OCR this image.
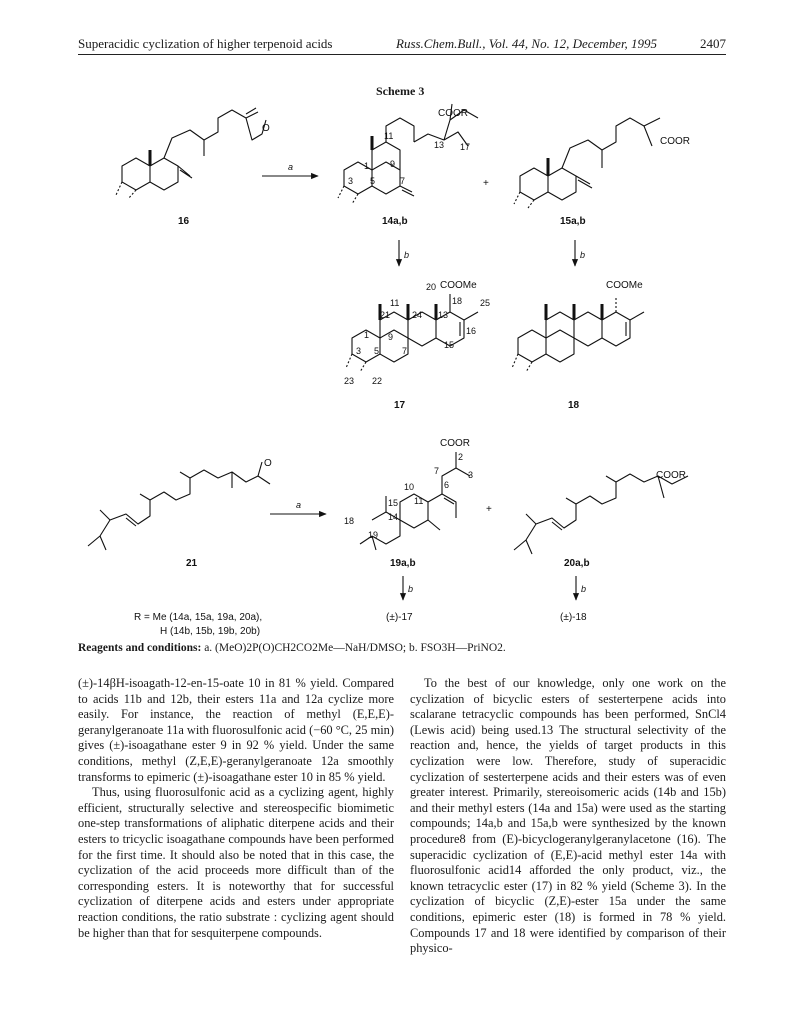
Superacidic cyclization of higher terpenoid acids	Russ.Chem.Bull., Vol. 44, No. 12, December, 1995	2407
Scheme 3
O
COOR
COOR
COOMe	COOMe
O
COOR
COOR
11
13 17
1 9
3 5	7
20
18 25
11
21 24 13
16
15
1 9
3 5	7
23 22
2
7	3
10	6
11
15
14
18
19
16	14a,b	15a,b
17	18
21	19a,b	20a,b
(±)-17	(±)-18
a
b	b
a
b	b
+
+
R = Me (14a, 15a, 19a, 20a),
H (14b, 15b, 19b, 20b)
Reagents and conditions: a. (MeO)2P(O)CH2CO2Me—NaH/DMSO; b. FSO3H—PriNO2.

(±)-14βH-isoagath-12-en-15-oate 10 in 81 % yield. Compared to acids 11b and 12b, their esters 11a and 12a cyclize more easily. For instance, the reaction of methyl (E,E,E)-geranylgeranoate 11a with fluorosulfonic acid (−60 °C, 25 min) gives (±)-isoagathane ester 9 in 92 % yield. Under the same conditions, methyl (Z,E,E)-geranylgeranoate 12a smoothly transforms to epimeric (±)-isoagathane ester 10 in 85 % yield.

Thus, using fluorosulfonic acid as a cyclizing agent, highly efficient, structurally selective and stereospecific biomimetic one-step transformations of aliphatic diterpene acids and their esters to tricyclic isoagathane compounds have been performed for the first time. It should also be noted that in this case, the cyclization of the acid proceeds more difficult than of the corresponding esters. It is noteworthy that for successful cyclization of diterpene acids and esters under appropriate reaction conditions, the ratio substrate : cyclizing agent should be higher than that for sesquiterpene compounds.

To the best of our knowledge, only one work on the cyclization of bicyclic esters of sesterterpene acids into scalarane tetracyclic compounds has been performed, SnCl4 (Lewis acid) being used.13 The structural selectivity of the reaction and, hence, the yields of target products in this cyclization were low. Therefore, study of superacidic cyclization of sesterterpene acids and their esters was of even greater interest. Primarily, stereoisomeric acids (14b and 15b) and their methyl esters (14a and 15a) were used as the starting compounds; 14a,b and 15a,b were synthesized by the known procedure8 from (E)-bicyclogeranylgeranylacetone (16). The superacidic cyclization of (E,E)-acid methyl ester 14a with fluorosulfonic acid14 afforded the only product, viz., the known tetracyclic ester (17) in 82 % yield (Scheme 3). In the cyclization of bicyclic (Z,E)-ester 15a under the same conditions, epimeric ester (18) is formed in 78 % yield. Compounds 17 and 18 were identified by comparison of their physico-
